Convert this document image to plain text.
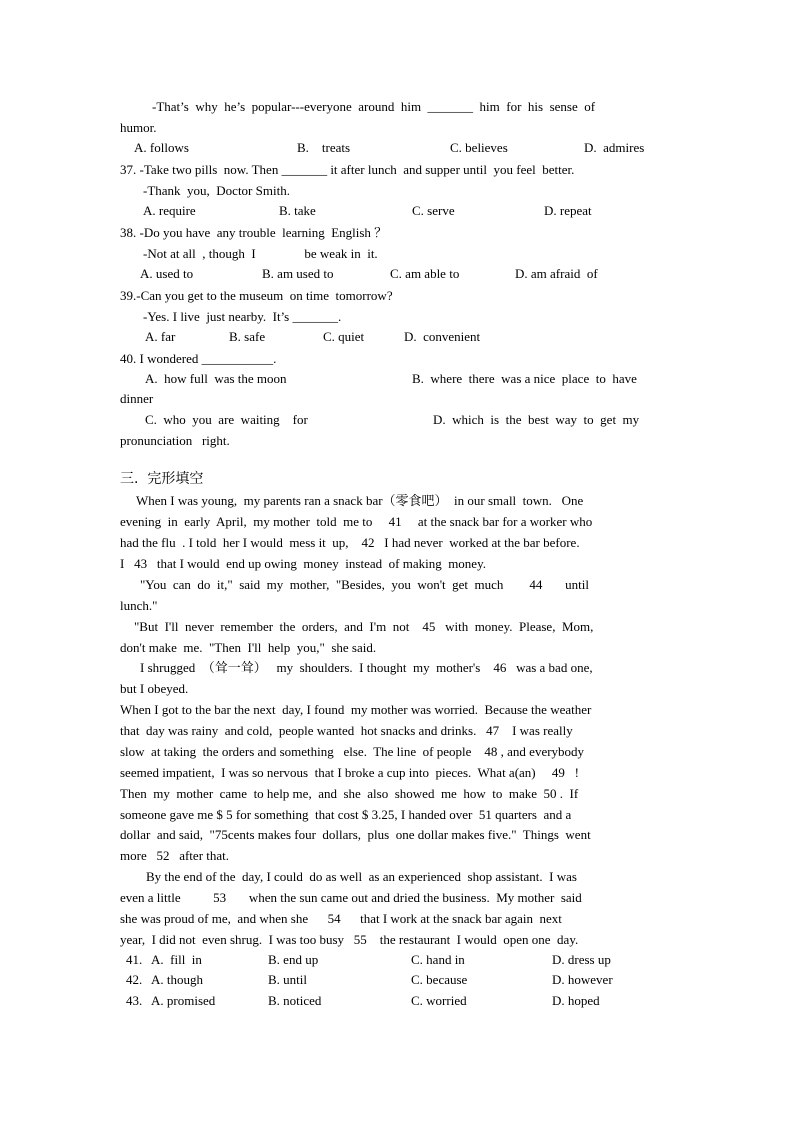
-That’s  why  he’s  popular---everyone  around  him  _______  him  for  his  sense  of
humor.
A. follows	B.    treats	C. believes	D.  admires
37. -Take two pills  now. Then _______ it after lunch  and supper until  you feel  better.
-Thank  you,  Doctor Smith.
A. require	B. take	C. serve	D. repeat
38. -Do you have  any trouble  learning  English ？
-Not at all  , though  I               be weak in  it.
A. used to	B. am used to	C. am able to	D. am afraid  of
39.-Can you get to the museum  on time  tomorrow?
-Yes. I live  just nearby.  It’s _______.
A. far	B. safe	C. quiet	D.  convenient
40. I wondered ___________.
A.  how full  was the moon	B.  where  there  was a nice  place  to  have
dinner
C.  who  you  are  waiting    for	D.  which  is  the  best  way  to  get  my
pronunciation   right.
三.  完形填空
When I was young,  my parents ran a snack bar（零食吧）  in our small  town.   One
evening  in  early  April,  my mother  told  me to     41     at the snack bar for a worker who
had the flu  . I told  her I would  mess it  up,    42   I had never  worked at the bar before.
I   43   that I would  end up owing  money  instead  of making  money.
"You  can  do  it,"  said  my  mother,  "Besides,  you  won't  get  much        44       until
lunch."
"But  I'll  never  remember  the  orders,  and  I'm  not    45   with  money.  Please,  Mom,
don't make  me.  "Then  I'll  help  you,"  she said.
I shrugged  （耸一耸）   my  shoulders.  I thought  my  mother's    46   was a bad one,
but I obeyed.
When I got to the bar the next  day, I found  my mother was worried.  Because the weather
that  day was rainy  and cold,  people wanted  hot snacks and drinks.   47    I was really
slow  at taking  the orders and something   else.  The line  of people    48 , and everybody
seemed impatient,  I was so nervous  that I broke a cup into  pieces.  What a(an)     49   !
Then  my  mother  came  to help me,  and  she  also  showed  me  how  to  make  50 .  If
someone gave me $ 5 for something  that cost $ 3.25, I handed over  51 quarters  and a
dollar  and said,  "75cents makes four  dollars,  plus  one dollar makes five."  Things  went
more   52   after that.
By the end of the  day, I could  do as well  as an experienced  shop assistant.  I was
even a little          53       when the sun came out and dried the business.  My mother  said
she was proud of me,  and when she      54      that I work at the snack bar again  next
year,  I did not  even shrug.  I was too busy   55    the restaurant  I would  open one  day.
41. A.  fill  in	B. end up	C. hand in	D. dress up
42. A. though	B. until	C. because	D. however
43. A. promised	B. noticed	C. worried	D. hoped
